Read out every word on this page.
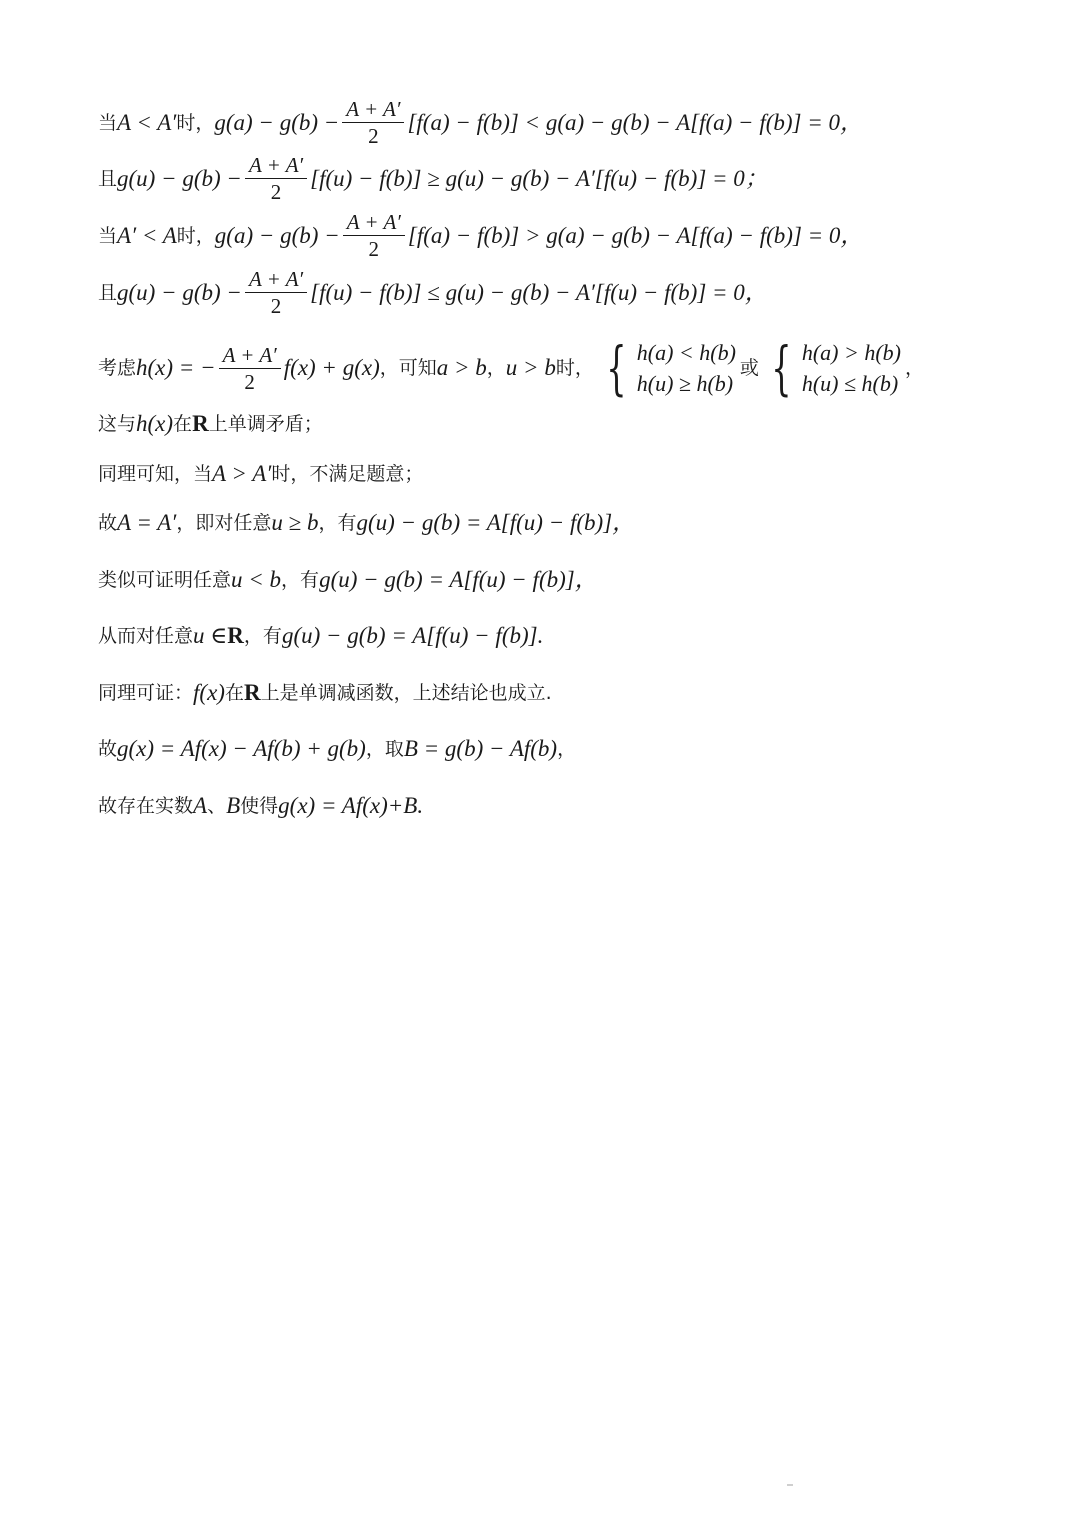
当 A < A′ 时， $g(a) - g(b) - \frac{A + A'}{2} [f(a) - f(b)] < g(a) - g(b) - A[f(a) - f(b)] = 0$，
且 $g(u) - g(b) - \frac{A + A'}{2} [f(u) - f(b)] \ge g(u) - g(b) - A'[f(u) - f(b)] = 0$；
当 A′ < A 时， $g(a) - g(b) - \frac{A + A'}{2} [f(a) - f(b)] > g(a) - g(b) - A[f(a) - f(b)] = 0$，
且 $g(u) - g(b) - \frac{A + A'}{2} [f(u) - f(b)] \le g(u) - g(b) - A'[f(u) - f(b)] = 0$，
考虑 h(x) = − $\frac{A + A'}{2} f(x) + g(x)$ ，可知 a > b ， u > b 时， { h(a) < h(b)
h(u) ≥ h(b)
或 { h(a) > h(b)
h(u) ≤ h(b)
，
这与 h(x) 在 R 上单调矛盾；
同理可知，当 A > A′ 时，不满足题意；
故 A = A′ ，即对任意 u ≥ b ，有 g(u) − g(b) = A[f(u) − f(b)]，
类似可证明任意 u < b ，有 g(u) − g(b) = A[f(u) − f(b)]，
从而对任意 u ∈ R ，有 g(u) − g(b) = A[f(u) − f(b)].
同理可证： f(x) 在 R 上是单调减函数，上述结论也成立.
故 g(x) = Af(x) − Af(b) + g(b) ，取 B = g(b) − Af(b) ，
故存在实数 A 、 B 使得 g(x) = Af(x)+B.
